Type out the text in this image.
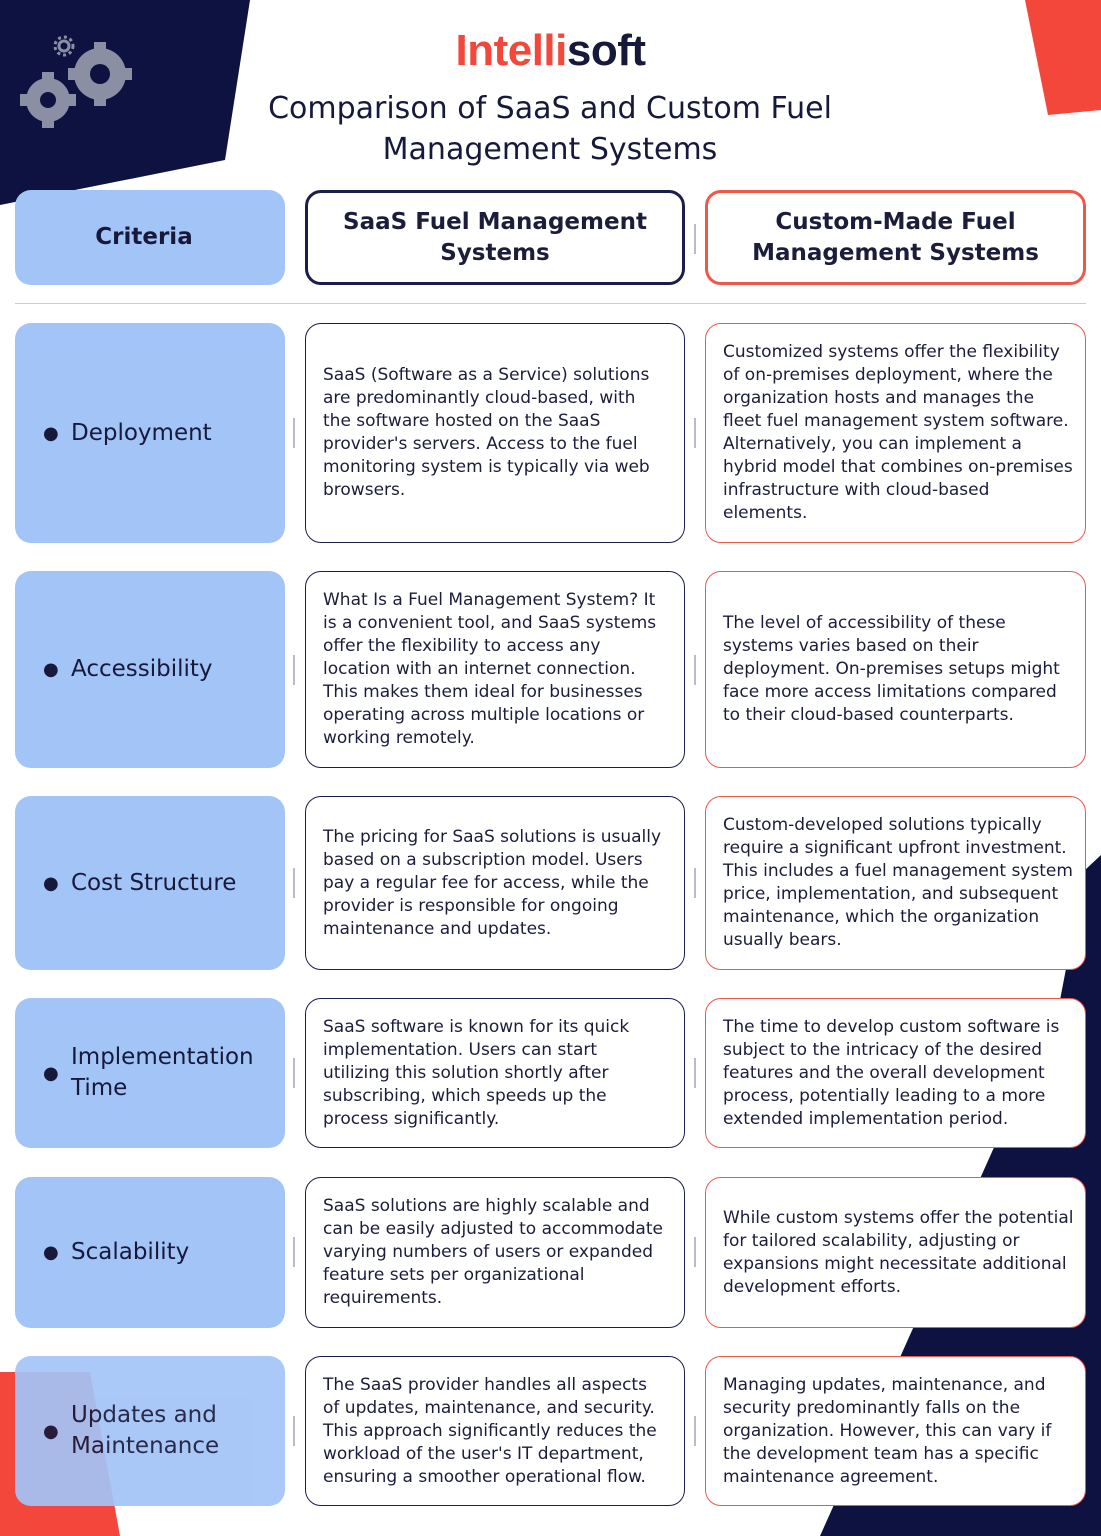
Intellisoft
Comparison of SaaS and Custom Fuel Management Systems
Criteria
SaaS Fuel Management Systems
Custom-Made Fuel Management Systems
● Deployment
SaaS (Software as a Service) solutions are predominantly cloud-based, with the software hosted on the SaaS provider's servers. Access to the fuel monitoring system is typically via web browsers.
Customized systems offer the flexibility of on-premises deployment, where the organization hosts and manages the fleet fuel management system software. Alternatively, you can implement a hybrid model that combines on-premises infrastructure with cloud-based elements.
● Accessibility
What Is a Fuel Management System? It is a convenient tool, and SaaS systems offer the flexibility to access any location with an internet connection. This makes them ideal for businesses operating across multiple locations or working remotely.
The level of accessibility of these systems varies based on their deployment. On-premises setups might face more access limitations compared to their cloud-based counterparts.
● Cost Structure
The pricing for SaaS solutions is usually based on a subscription model. Users pay a regular fee for access, while the provider is responsible for ongoing maintenance and updates.
Custom-developed solutions typically require a significant upfront investment. This includes a fuel management system price, implementation, and subsequent maintenance, which the organization usually bears.
●
Implementation Time
SaaS software is known for its quick implementation. Users can start utilizing this solution shortly after subscribing, which speeds up the process significantly.
The time to develop custom software is subject to the intricacy of the desired features and the overall development process, potentially leading to a more extended implementation period.
● Scalability
SaaS solutions are highly scalable and can be easily adjusted to accommodate varying numbers of users or expanded feature sets per organizational requirements.
While custom systems offer the potential for tailored scalability, adjusting or expansions might necessitate additional development efforts.
●
Updates and Maintenance
The SaaS provider handles all aspects of updates, maintenance, and security. This approach significantly reduces the workload of the user's IT department, ensuring a smoother operational flow.
Managing updates, maintenance, and security predominantly falls on the organization. However, this can vary if the development team has a specific maintenance agreement.
